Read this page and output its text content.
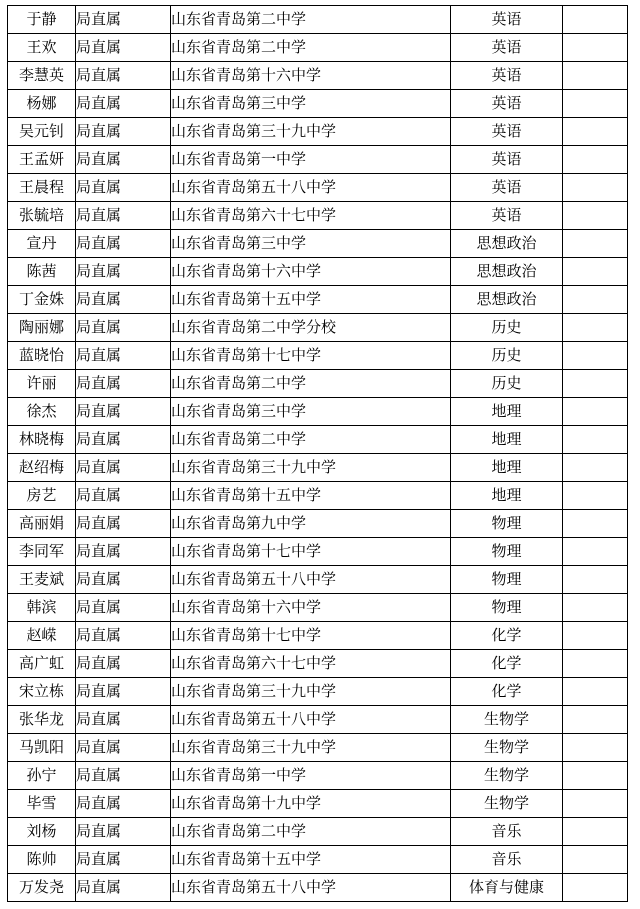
于静	局直属	山东省青岛第二中学	英语	
王欢	局直属	山东省青岛第二中学	英语	
李慧英	局直属	山东省青岛第十六中学	英语	
杨娜	局直属	山东省青岛第三中学	英语	
吴元钊	局直属	山东省青岛第三十九中学	英语	
王孟妍	局直属	山东省青岛第一中学	英语	
王晨程	局直属	山东省青岛第五十八中学	英语	
张毓培	局直属	山东省青岛第六十七中学	英语	
宣丹	局直属	山东省青岛第三中学	思想政治	
陈茜	局直属	山东省青岛第十六中学	思想政治	
丁金姝	局直属	山东省青岛第十五中学	思想政治	
陶丽娜	局直属	山东省青岛第二中学分校	历史	
蓝晓怡	局直属	山东省青岛第十七中学	历史	
许丽	局直属	山东省青岛第二中学	历史	
徐杰	局直属	山东省青岛第三中学	地理	
林晓梅	局直属	山东省青岛第二中学	地理	
赵绍梅	局直属	山东省青岛第三十九中学	地理	
房艺	局直属	山东省青岛第十五中学	地理	
高丽娟	局直属	山东省青岛第九中学	物理	
李同军	局直属	山东省青岛第十七中学	物理	
王麦斌	局直属	山东省青岛第五十八中学	物理	
韩滨	局直属	山东省青岛第十六中学	物理	
赵嵘	局直属	山东省青岛第十七中学	化学	
高广虹	局直属	山东省青岛第六十七中学	化学	
宋立栋	局直属	山东省青岛第三十九中学	化学	
张华龙	局直属	山东省青岛第五十八中学	生物学	
马凯阳	局直属	山东省青岛第三十九中学	生物学	
孙宁	局直属	山东省青岛第一中学	生物学	
毕雪	局直属	山东省青岛第十九中学	生物学	
刘杨	局直属	山东省青岛第二中学	音乐	
陈帅	局直属	山东省青岛第十五中学	音乐	
万发尧	局直属	山东省青岛第五十八中学	体育与健康	
